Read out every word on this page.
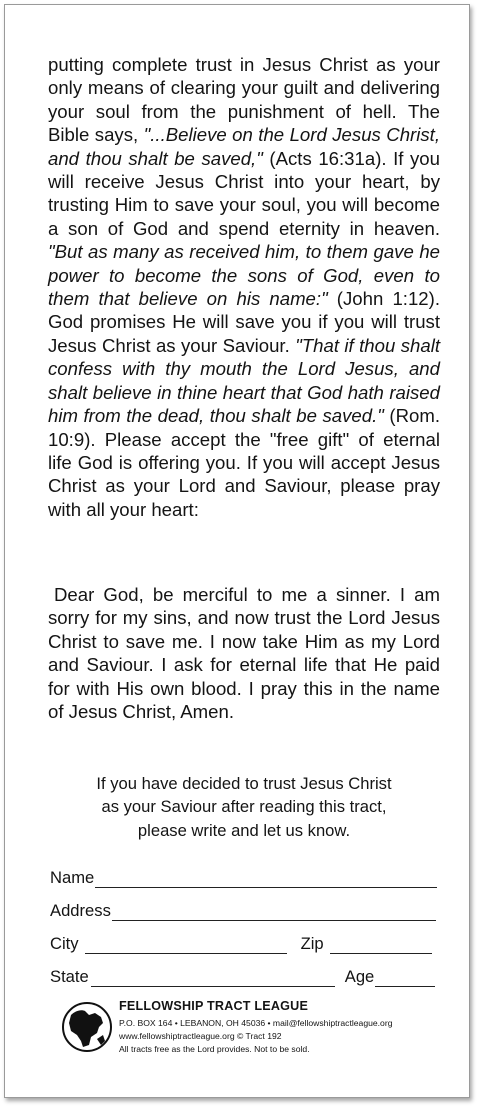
putting complete trust in Jesus Christ as your only means of clearing your guilt and delivering your soul from the punishment of hell. The Bible says, "...Believe on the Lord Jesus Christ, and thou shalt be saved," (Acts 16:31a). If you will receive Jesus Christ into your heart, by trusting Him to save your soul, you will become a son of God and spend eternity in heaven. "But as many as received him, to them gave he power to become the sons of God, even to them that believe on his name:" (John 1:12). God promises He will save you if you will trust Jesus Christ as your Saviour. "That if thou shalt confess with thy mouth the Lord Jesus, and shalt believe in thine heart that God hath raised him from the dead, thou shalt be saved." (Rom. 10:9). Please accept the "free gift" of eternal life God is offering you. If you will accept Jesus Christ as your Lord and Saviour, please pray with all your heart:

Dear God, be merciful to me a sinner. I am sorry for my sins, and now trust the Lord Jesus Christ to save me. I now take Him as my Lord and Saviour. I ask for eternal life that He paid for with His own blood. I pray this in the name of Jesus Christ, Amen.

If you have decided to trust Jesus Christ
as your Saviour after reading this tract,
please write and let us know.
Name
Address
City	Zip
State	Age
FELLOWSHIP TRACT LEAGUE
P.O. BOX 164 • LEBANON, OH 45036 • mail@fellowshiptractleague.org
www.fellowshiptractleague.org © Tract 192
All tracts free as the Lord provides. Not to be sold.
